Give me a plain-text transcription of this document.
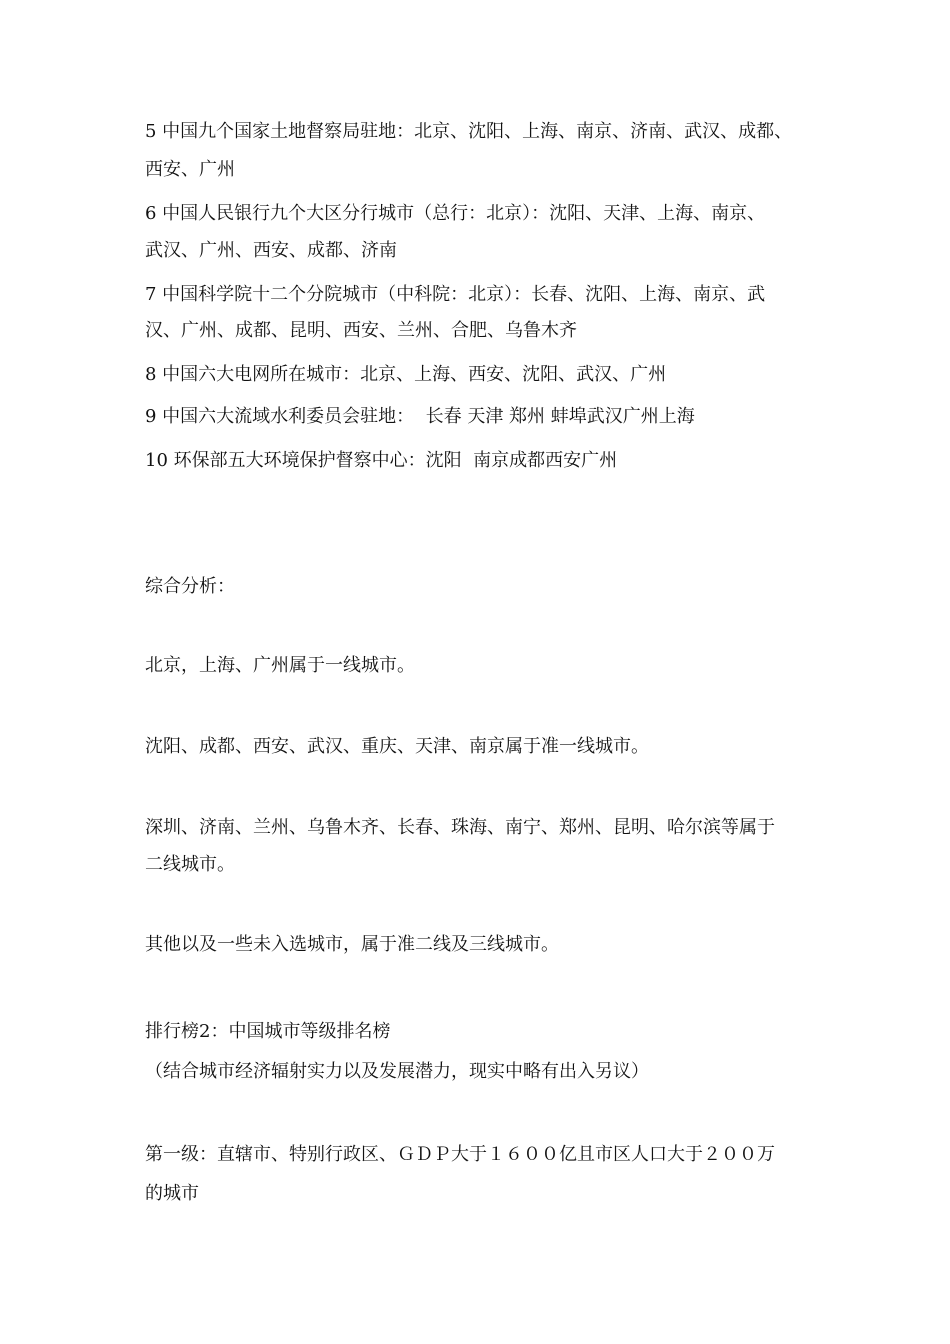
5 中国九个国家土地督察局驻地：北京、沈阳、上海、南京、济南、武汉、成都、
西安、广州
6 中国人民银行九个大区分行城市（总行：北京）：沈阳、天津、上海、南京、
武汉、广州、西安、成都、济南
7 中国科学院十二个分院城市（中科院：北京）：长春、沈阳、上海、南京、武
汉、广州、成都、昆明、西安、兰州、合肥、乌鲁木齐
8 中国六大电网所在城市：北京、上海、西安、沈阳、武汉、广州
9 中国六大流域水利委员会驻地：  长春 天津 郑州 蚌埠武汉广州上海
10 环保部五大环境保护督察中心：沈阳  南京成都西安广州
综合分析：
北京，上海、广州属于一线城市。
沈阳、成都、西安、武汉、重庆、天津、南京属于准一线城市。
深圳、济南、兰州、乌鲁木齐、长春、珠海、南宁、郑州、昆明、哈尔滨等属于
二线城市。
其他以及一些未入选城市，属于准二线及三线城市。
排行榜2：中国城市等级排名榜
（结合城市经济辐射实力以及发展潜力，现实中略有出入另议）
第一级：直辖市、特别行政区、ＧＤＰ大于１６００亿且市区人口大于２００万
的城市
